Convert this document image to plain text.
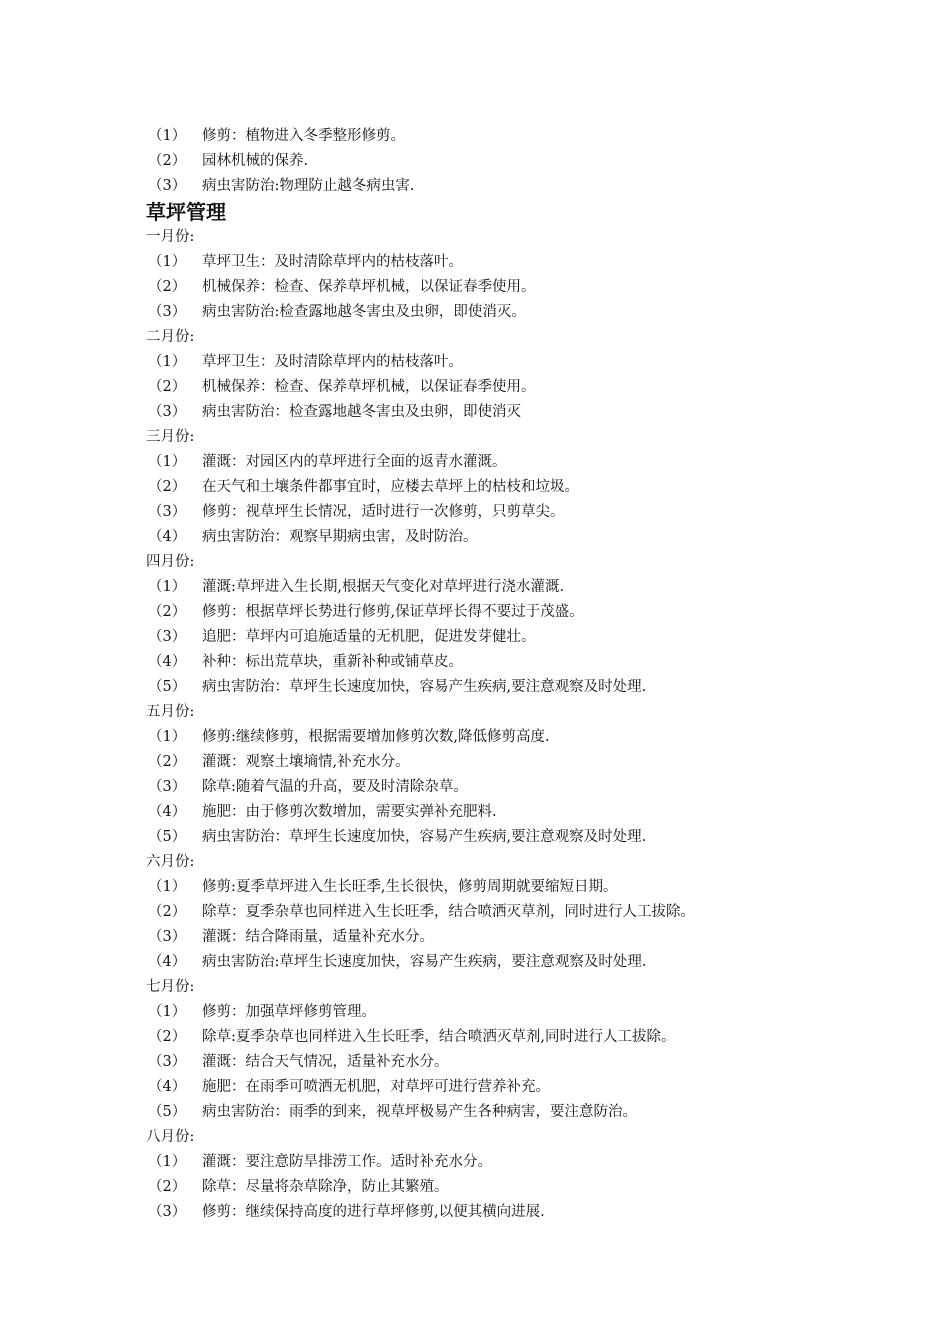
（1） 修剪：植物进入冬季整形修剪。
（2） 园林机械的保养.
（3） 病虫害防治:物理防止越冬病虫害.
草坪管理
一月份:
（1） 草坪卫生：及时清除草坪内的枯枝落叶。
（2） 机械保养：检查、保养草坪机械，以保证春季使用。
（3） 病虫害防治:检查露地越冬害虫及虫卵，即使消灭。
二月份:
（1） 草坪卫生：及时清除草坪内的枯枝落叶。
（2） 机械保养：检查、保养草坪机械，以保证春季使用。
（3） 病虫害防治：检查露地越冬害虫及虫卵，即使消灭
三月份:
（1） 灌溉：对园区内的草坪进行全面的返青水灌溉。
（2） 在天气和土壤条件都事宜时，应楼去草坪上的枯枝和垃圾。
（3） 修剪：视草坪生长情况，适时进行一次修剪，只剪草尖。
（4） 病虫害防治：观察早期病虫害，及时防治。
四月份:
（1） 灌溉:草坪进入生长期,根据天气变化对草坪进行浇水灌溉.
（2） 修剪：根据草坪长势进行修剪,保证草坪长得不要过于茂盛。
（3） 追肥：草坪内可追施适量的无机肥，促进发芽健壮。
（4） 补种：标出荒草块，重新补种或铺草皮。
（5） 病虫害防治：草坪生长速度加快，容易产生疾病,要注意观察及时处理.
五月份:
（1） 修剪:继续修剪，根据需要增加修剪次数,降低修剪高度.
（2） 灌溉：观察土壤墒情,补充水分。
（3） 除草:随着气温的升高，要及时清除杂草。
（4） 施肥：由于修剪次数增加，需要实弹补充肥料.
（5） 病虫害防治：草坪生长速度加快，容易产生疾病,要注意观察及时处理.
六月份:
（1） 修剪:夏季草坪进入生长旺季,生长很快，修剪周期就要缩短日期。
（2） 除草：夏季杂草也同样进入生长旺季，结合喷洒灭草剂，同时进行人工拔除。
（3） 灌溉：结合降雨量，适量补充水分。
（4） 病虫害防治:草坪生长速度加快，容易产生疾病，要注意观察及时处理.
七月份:
（1） 修剪：加强草坪修剪管理。
（2） 除草:夏季杂草也同样进入生长旺季，结合喷洒灭草剂,同时进行人工拔除。
（3） 灌溉：结合天气情况，适量补充水分。
（4） 施肥：在雨季可喷洒无机肥，对草坪可进行营养补充。
（5） 病虫害防治：雨季的到来，视草坪极易产生各种病害，要注意防治。
八月份:
（1） 灌溉：要注意防旱排涝工作。适时补充水分。
（2） 除草：尽量将杂草除净，防止其繁殖。
（3） 修剪：继续保持高度的进行草坪修剪,以便其横向进展.
